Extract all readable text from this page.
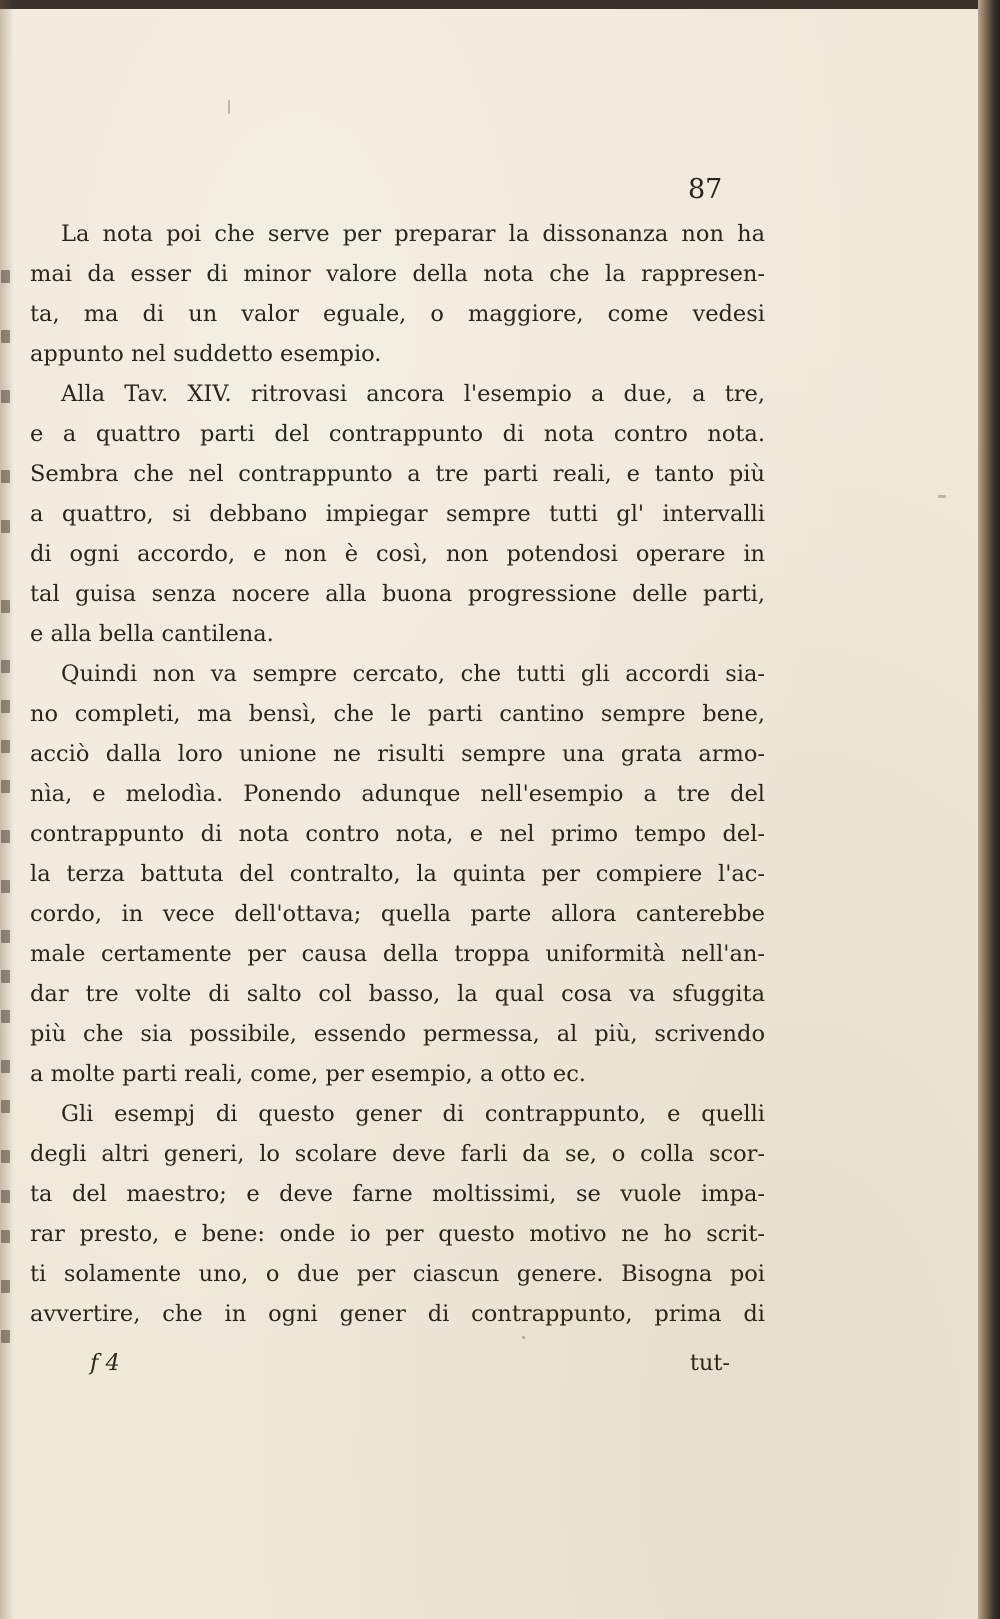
87
La nota poi che serve per preparar la dissonanza non ha
mai da esser di minor valore della nota che la rappresen-
ta, ma di un valor eguale, o maggiore, come vedesi
appunto nel suddetto esempio.
Alla Tav. XIV. ritrovasi ancora l'esempio a due, a tre,
e a quattro parti del contrappunto di nota contro nota.
Sembra che nel contrappunto a tre parti reali, e tanto più
a quattro, si debbano impiegar sempre tutti gl' intervalli
di ogni accordo, e non è così, non potendosi operare in
tal guisa senza nocere alla buona progressione delle parti,
e alla bella cantilena.
Quindi non va sempre cercato, che tutti gli accordi sia-
no completi, ma bensì, che le parti cantino sempre bene,
acciò dalla loro unione ne risulti sempre una grata armo-
nìa, e melodìa. Ponendo adunque nell'esempio a tre del
contrappunto di nota contro nota, e nel primo tempo del-
la terza battuta del contralto, la quinta per compiere l'ac-
cordo, in vece dell'ottava; quella parte allora canterebbe
male certamente per causa della troppa uniformità nell'an-
dar tre volte di salto col basso, la qual cosa va sfuggita
più che sia possibile, essendo permessa, al più, scrivendo
a molte parti reali, come, per esempio, a otto ec.
Gli esempj di questo gener di contrappunto, e quelli
degli altri generi, lo scolare deve farli da se, o colla scor-
ta del maestro; e deve farne moltissimi, se vuole impa-
rar presto, e bene: onde io per questo motivo ne ho scrit-
ti solamente uno, o due per ciascun genere. Bisogna poi
avvertire, che in ogni gener di contrappunto, prima di
f 4	tut-
